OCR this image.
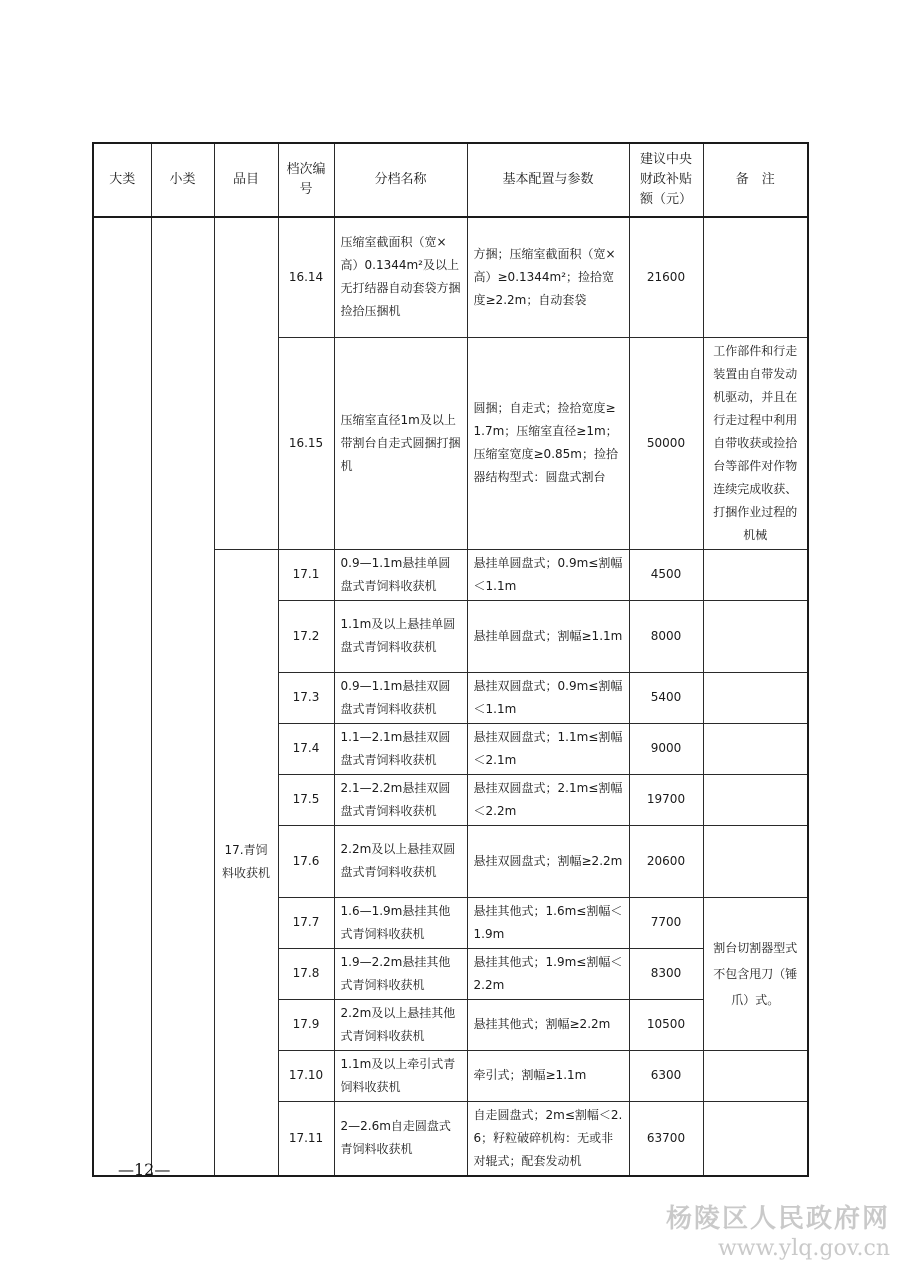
大类	小类	品目	档次编号	分档名称	基本配置与参数	建议中央财政补贴额（元）	备　注
			16.14	压缩室截面积（宽×高）0.1344m²及以上无打结器自动套袋方捆捡拾压捆机	方捆；压缩室截面积（宽×高）≥0.1344m²；捡拾宽度≥2.2m；自动套袋	21600	
			16.15	压缩室直径1m及以上带割台自走式圆捆打捆机	圆捆；自走式；捡拾宽度≥1.7m；压缩室直径≥1m；压缩室宽度≥0.85m；捡拾器结构型式：圆盘式割台	50000	工作部件和行走装置由自带发动机驱动，并且在行走过程中利用自带收获或捡拾台等部件对作物连续完成收获、打捆作业过程的机械
		17.青饲料收获机	17.1	0.9—1.1m悬挂单圆盘式青饲料收获机	悬挂单圆盘式；0.9m≤割幅＜1.1m	4500	
			17.2	1.1m及以上悬挂单圆盘式青饲料收获机	悬挂单圆盘式；割幅≥1.1m	8000	
			17.3	0.9—1.1m悬挂双圆盘式青饲料收获机	悬挂双圆盘式；0.9m≤割幅＜1.1m	5400	
			17.4	1.1—2.1m悬挂双圆盘式青饲料收获机	悬挂双圆盘式；1.1m≤割幅＜2.1m	9000	
			17.5	2.1—2.2m悬挂双圆盘式青饲料收获机	悬挂双圆盘式；2.1m≤割幅＜2.2m	19700	
			17.6	2.2m及以上悬挂双圆盘式青饲料收获机	悬挂双圆盘式；割幅≥2.2m	20600	
			17.7	1.6—1.9m悬挂其他式青饲料收获机	悬挂其他式；1.6m≤割幅＜1.9m	7700	割台切割器型式不包含甩刀（锤爪）式。
			17.8	1.9—2.2m悬挂其他式青饲料收获机	悬挂其他式；1.9m≤割幅＜2.2m	8300	
			17.9	2.2m及以上悬挂其他式青饲料收获机	悬挂其他式；割幅≥2.2m	10500	
			17.10	1.1m及以上牵引式青饲料收获机	牵引式；割幅≥1.1m	6300	
			17.11	2—2.6m自走圆盘式青饲料收获机	自走圆盘式；2m≤割幅＜2.6；籽粒破碎机构：无或非对辊式；配套发动机	63700	
—12—
杨陵区人民政府网
www.ylq.gov.cn
